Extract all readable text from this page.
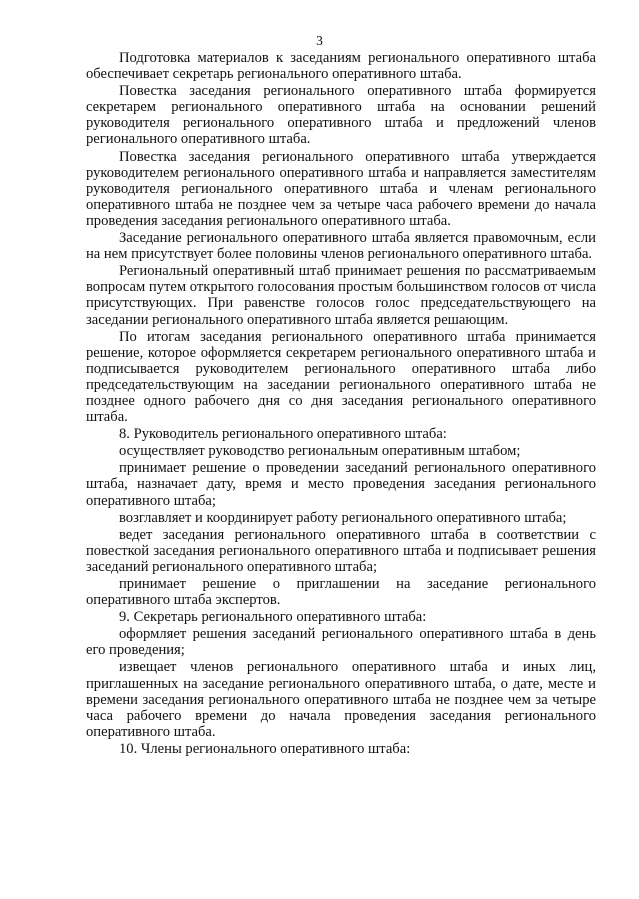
3

Подготовка материалов к заседаниям регионального оперативного штаба обеспечивает секретарь регионального оперативного штаба.

Повестка заседания регионального оперативного штаба формируется секретарем регионального оперативного штаба на основании решений руководителя регионального оперативного штаба и предложений членов регионального оперативного штаба.

Повестка заседания регионального оперативного штаба утверждается руководителем регионального оперативного штаба и направляется заместителям руководителя регионального оперативного штаба и членам регионального оперативного штаба не позднее чем за четыре часа рабочего времени до начала проведения заседания регионального оперативного штаба.

Заседание регионального оперативного штаба является правомочным, если на нем присутствует более половины членов регионального оперативного штаба.

Региональный оперативный штаб принимает решения по рассматриваемым вопросам путем открытого голосования простым большинством голосов от числа присутствующих. При равенстве голосов голос председательствующего на заседании регионального оперативного штаба является решающим.

По итогам заседания регионального оперативного штаба принимается решение, которое оформляется секретарем регионального оперативного штаба и подписывается руководителем регионального оперативного штаба либо председательствующим на заседании регионального оперативного штаба не позднее одного рабочего дня со дня заседания регионального оперативного штаба.

8. Руководитель регионального оперативного штаба:

осуществляет руководство региональным оперативным штабом;

принимает решение о проведении заседаний регионального оперативного штаба, назначает дату, время и место проведения заседания регионального оперативного штаба;

возглавляет и координирует работу регионального оперативного штаба;

ведет заседания регионального оперативного штаба в соответствии с повесткой заседания регионального оперативного штаба и подписывает решения заседаний регионального оперативного штаба;

принимает решение о приглашении на заседание регионального оперативного штаба экспертов.

9. Секретарь регионального оперативного штаба:

оформляет решения заседаний регионального оперативного штаба в день его проведения;

извещает членов регионального оперативного штаба и иных лиц, приглашенных на заседание регионального оперативного штаба, о дате, месте и времени заседания регионального оперативного штаба не позднее чем за четыре часа рабочего времени до начала проведения заседания регионального оперативного штаба.

10. Члены регионального оперативного штаба:
